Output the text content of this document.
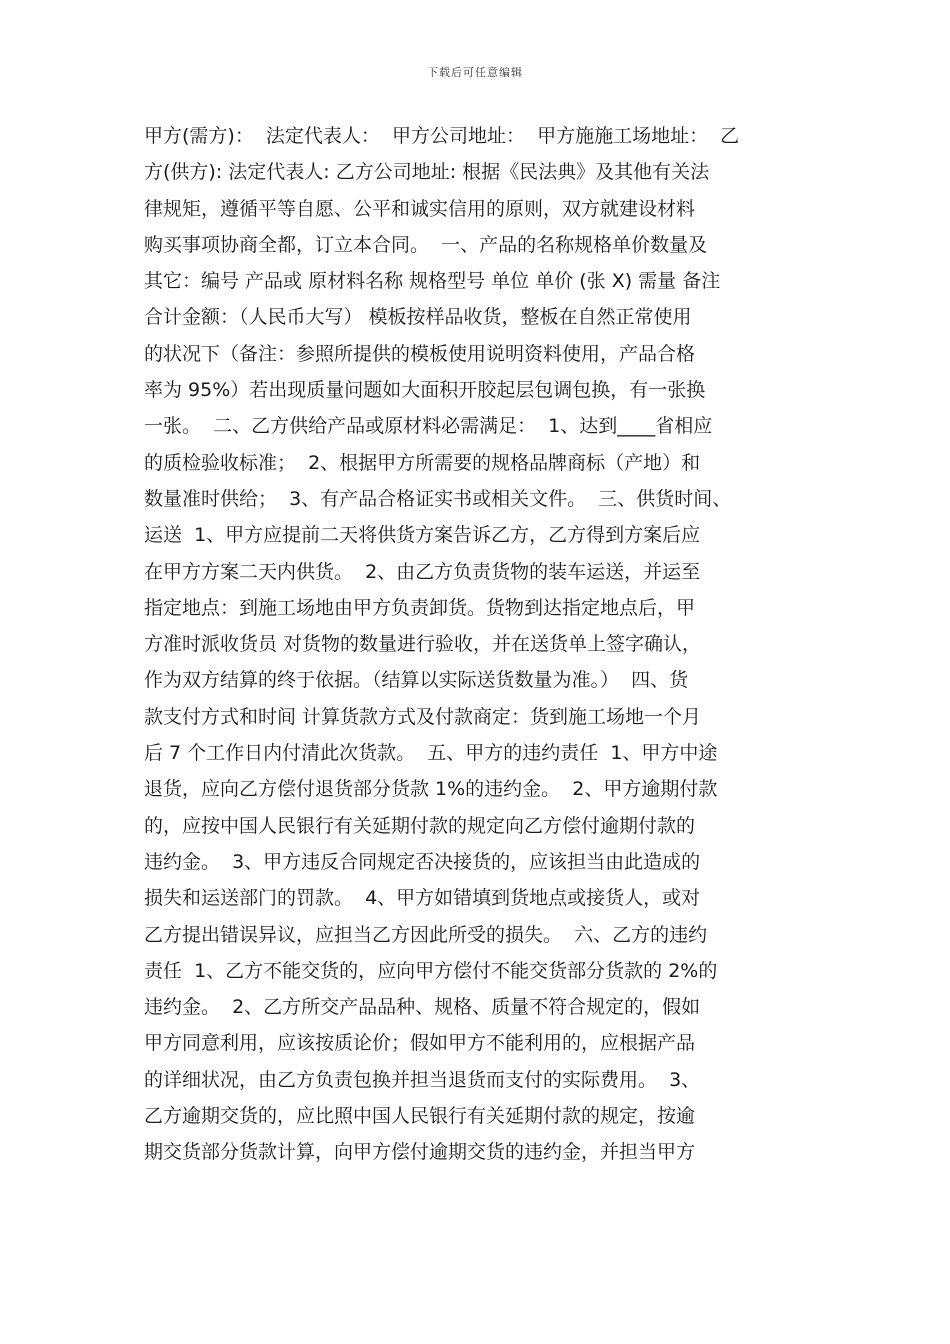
下载后可任意编辑
甲方(需方)：  法定代表人：  甲方公司地址：  甲方施施工场地址：  乙
方(供方): 法定代表人: 乙方公司地址: 根据《民法典》及其他有关法
律规矩，遵循平等自愿、公平和诚实信用的原则，双方就建设材料
购买事项协商全都，订立本合同。  一、产品的名称规格单价数量及
其它：编号 产品或 原材料名称 规格型号 单位 单价 (张 X) 需量 备注
合计金额：（人民币大写） 模板按样品收货，整板在自然正常使用
的状况下（备注：参照所提供的模板使用说明资料使用，产品合格
率为 95%）若出现质量问题如大面积开胶起层包调包换，有一张换
一张。  二、乙方供给产品或原材料必需满足：  1、达到____省相应
的质检验收标准；  2、根据甲方所需要的规格品牌商标（产地）和
数量准时供给；  3、有产品合格证实书或相关文件。  三、供货时间、
运送  1、甲方应提前二天将供货方案告诉乙方，乙方得到方案后应
在甲方方案二天内供货。  2、由乙方负责货物的装车运送，并运至
指定地点：到施工场地由甲方负责卸货。货物到达指定地点后，甲
方准时派收货员 对货物的数量进行验收，并在送货单上签字确认，
作为双方结算的终于依据。（结算以实际送货数量为准。）  四、货
款支付方式和时间 计算货款方式及付款商定：货到施工场地一个月
后 7 个工作日内付清此次货款。  五、甲方的违约责任  1、甲方中途
退货，应向乙方偿付退货部分货款 1%的违约金。  2、甲方逾期付款
的，应按中国人民银行有关延期付款的规定向乙方偿付逾期付款的
违约金。  3、甲方违反合同规定否决接货的，应该担当由此造成的
损失和运送部门的罚款。  4、甲方如错填到货地点或接货人，或对
乙方提出错误异议，应担当乙方因此所受的损失。  六、乙方的违约
责任  1、乙方不能交货的，应向甲方偿付不能交货部分货款的 2%的
违约金。  2、乙方所交产品品种、规格、质量不符合规定的，假如
甲方同意利用，应该按质论价；假如甲方不能利用的，应根据产品
的详细状况，由乙方负责包换并担当退货而支付的实际费用。  3、
乙方逾期交货的，应比照中国人民银行有关延期付款的规定，按逾
期交货部分货款计算，向甲方偿付逾期交货的违约金，并担当甲方
